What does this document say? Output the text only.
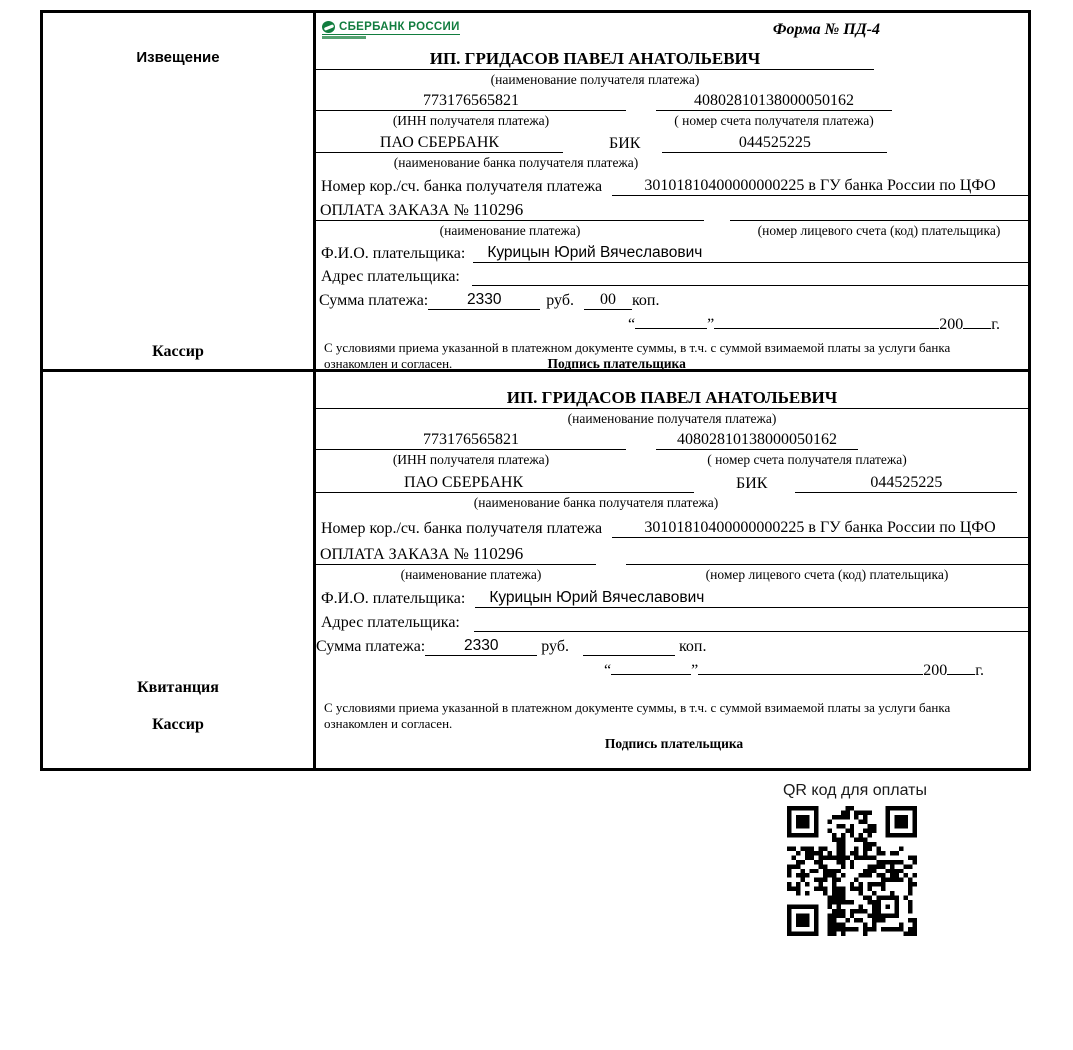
Извещение
Кассир
СБЕРБАНК РОССИИ	Форма № ПД-4
ИП. ГРИДАСОВ ПАВЕЛ АНАТОЛЬЕВИЧ
(наименование получателя платежа)
773176565821	40802810138000050162
(ИНН получателя платежа)	( номер счета получателя платежа)
ПАО СБЕРБАНК	БИК	044525225
(наименование банка получателя платежа)
Номер кор./сч. банка получателя платежа	30101810400000000225 в ГУ банка России по ЦФО
ОПЛАТА ЗАКАЗА № 110296
(наименование платежа)	(номер лицевого счета (код) плательщика)
Ф.И.О. плательщика:	Курицын Юрий Вячеславович
Адрес плательщика:
Сумма платежа:	2330	руб.	00	коп.
“	”	200 г.
С условиями приема указанной в платежном документе суммы, в т.ч. с суммой взимаемой платы за услуги банка
ознакомлен и согласен.	Подпись плательщика
Квитанция
Кассир
ИП. ГРИДАСОВ ПАВЕЛ АНАТОЛЬЕВИЧ
(наименование получателя платежа)
773176565821	40802810138000050162
(ИНН получателя платежа)	( номер счета получателя платежа)
ПАО СБЕРБАНК	БИК	044525225
(наименование банка получателя платежа)
Номер кор./сч. банка получателя платежа	30101810400000000225 в ГУ банка России по ЦФО
ОПЛАТА ЗАКАЗА № 110296
(наименование платежа)	(номер лицевого счета (код) плательщика)
Ф.И.О. плательщика:	Курицын Юрий Вячеславович
Адрес плательщика:
Сумма платежа:	2330	руб.	коп.
“	”	200 г.
С условиями приема указанной в платежном документе суммы, в т.ч. с суммой взимаемой платы за услуги банка
ознакомлен и согласен.
Подпись плательщика
QR код для оплаты
